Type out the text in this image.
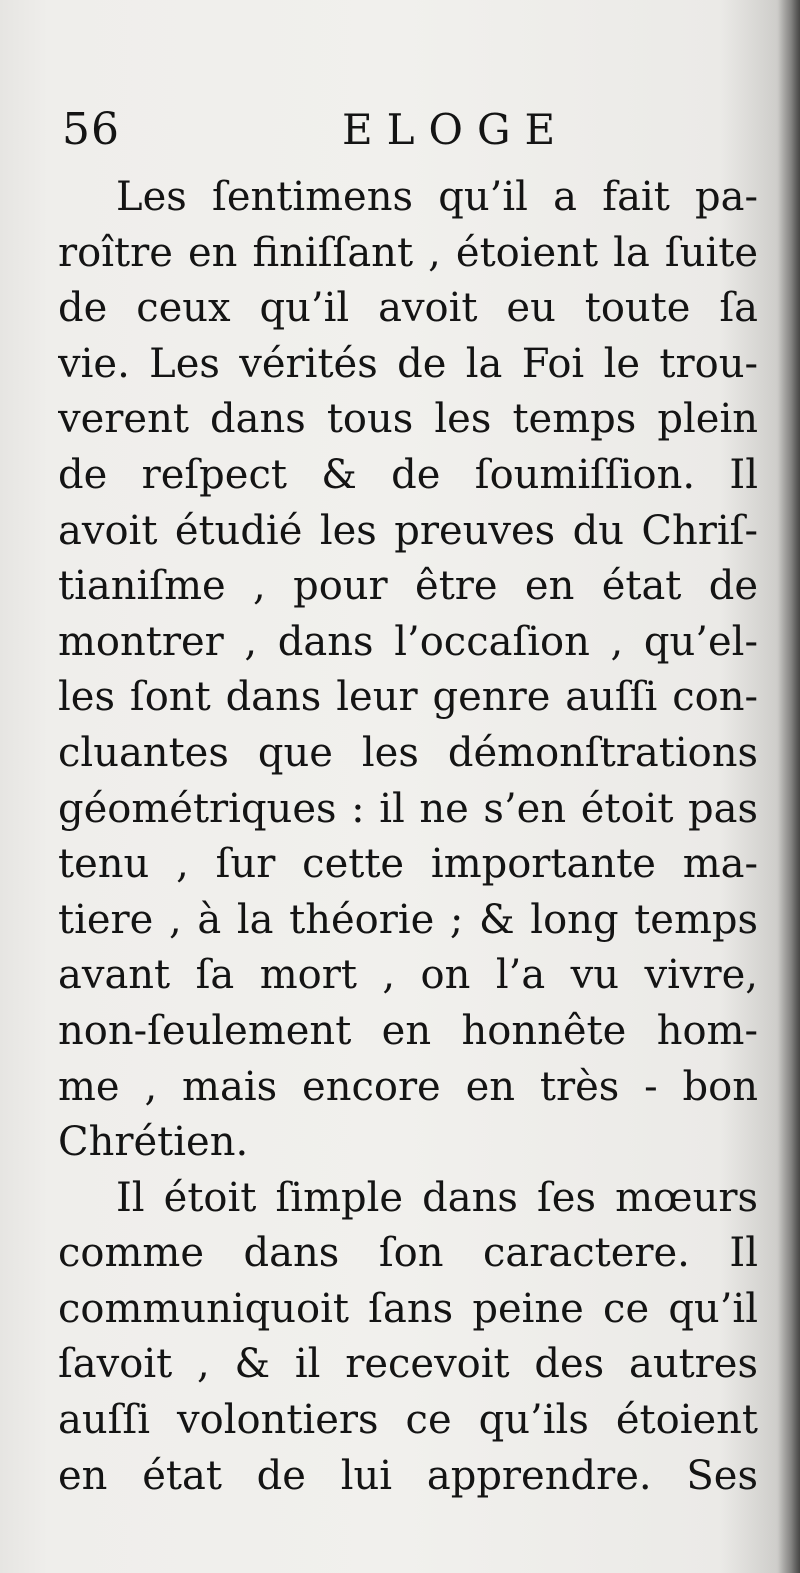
56	ELOGE
Les ſentimens qu’il a fait pa-
roître en finiſſant , étoient la ſuite
de ceux qu’il avoit eu toute ſa
vie. Les vérités de la Foi le trou-
verent dans tous les temps plein
de reſpect & de ſoumiſſion. Il
avoit étudié les preuves du Chriſ-
tianiſme , pour être en état de
montrer , dans l’occaſion , qu’el-
les ſont dans leur genre auſſi con-
cluantes que les démonſtrations
géométriques : il ne s’en étoit pas
tenu , ſur cette importante ma-
tiere , à la théorie ; & long temps
avant ſa mort , on l’a vu vivre,
non-ſeulement en honnête hom-
me , mais encore en très - bon
Chrétien.
Il étoit ſimple dans ſes mœurs
comme dans ſon caractere. Il
communiquoit ſans peine ce qu’il
ſavoit , & il recevoit des autres
auſſi volontiers ce qu’ils étoient
en état de lui apprendre. Ses
